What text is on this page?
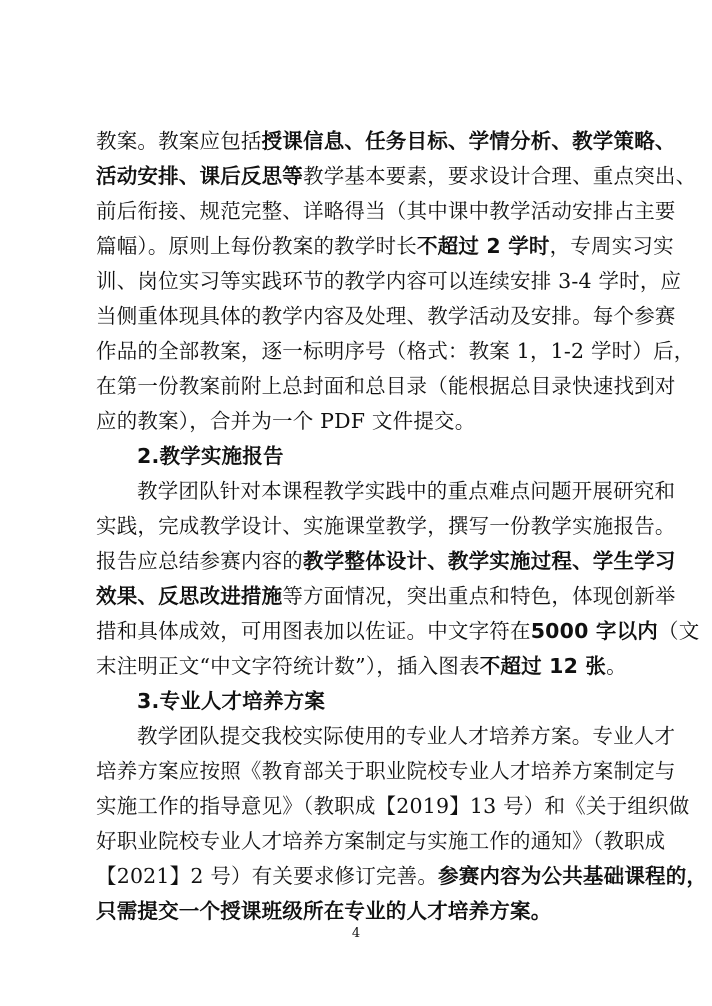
教案。教案应包括授课信息、任务目标、学情分析、教学策略、
活动安排、课后反思等教学基本要素，要求设计合理、重点突出、
前后衔接、规范完整、详略得当（其中课中教学活动安排占主要
篇幅）。原则上每份教案的教学时长不超过 2 学时，专周实习实
训、岗位实习等实践环节的教学内容可以连续安排 3-4 学时，应
当侧重体现具体的教学内容及处理、教学活动及安排。每个参赛
作品的全部教案，逐一标明序号（格式：教案 1，1-2 学时）后，
在第一份教案前附上总封面和总目录（能根据总目录快速找到对
应的教案），合并为一个 PDF 文件提交。
2.教学实施报告
教学团队针对本课程教学实践中的重点难点问题开展研究和
实践，完成教学设计、实施课堂教学，撰写一份教学实施报告。
报告应总结参赛内容的教学整体设计、教学实施过程、学生学习
效果、反思改进措施等方面情况，突出重点和特色，体现创新举
措和具体成效，可用图表加以佐证。中文字符在5000 字以内（文
末注明正文“中文字符统计数”），插入图表不超过 12 张。
3.专业人才培养方案
教学团队提交我校实际使用的专业人才培养方案。专业人才
培养方案应按照《教育部关于职业院校专业人才培养方案制定与
实施工作的指导意见》（教职成【2019】13 号）和《关于组织做
好职业院校专业人才培养方案制定与实施工作的通知》（教职成
【2021】2 号）有关要求修订完善。参赛内容为公共基础课程的，
只需提交一个授课班级所在专业的人才培养方案。
4
